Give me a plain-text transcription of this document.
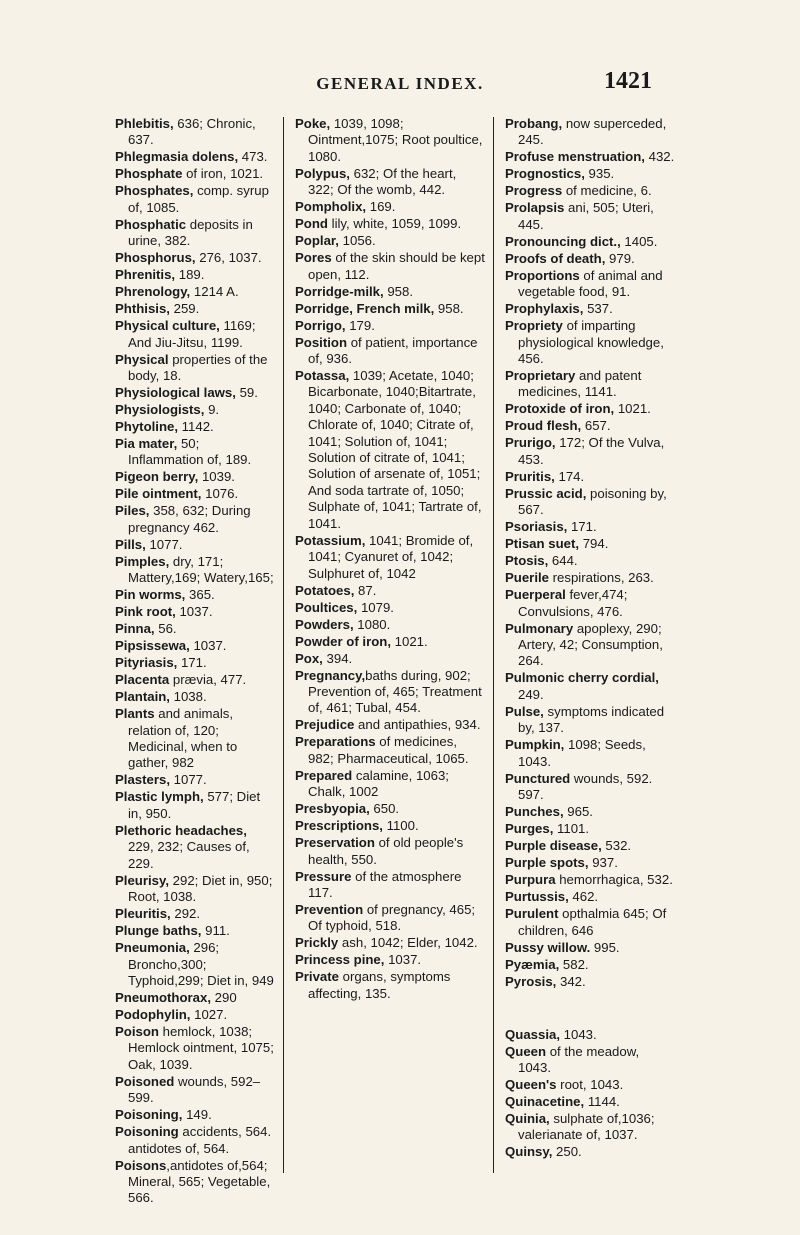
GENERAL INDEX.	1421
Phlebitis, 636; Chronic, 637.
Phlegmasia dolens, 473.
Phosphate of iron, 1021.
Phosphates, comp. syrup of, 1085.
Phosphatic deposits in urine, 382.
Phosphorus, 276, 1037.
Phrenitis, 189.
Phrenology, 1214 A.
Phthisis, 259.
Physical culture, 1169; And Jiu-Jitsu, 1199.
Physical properties of the body, 18.
Physiological laws, 59.
Physiologists, 9.
Phytoline, 1142.
Pia mater, 50; Inflammation of, 189.
Pigeon berry, 1039.
Pile ointment, 1076.
Piles, 358, 632; During pregnancy 462.
Pills, 1077.
Pimples, dry, 171; Mattery,169; Watery,165;
Pin worms, 365.
Pink root, 1037.
Pinna, 56.
Pipsissewa, 1037.
Pityriasis, 171.
Placenta prævia, 477.
Plantain, 1038.
Plants and animals, relation of, 120; Medicinal, when to gather, 982
Plasters, 1077.
Plastic lymph, 577; Diet in, 950.
Plethoric headaches, 229, 232; Causes of, 229.
Pleurisy, 292; Diet in, 950; Root, 1038.
Pleuritis, 292.
Plunge baths, 911.
Pneumonia, 296; Broncho,300; Typhoid,299; Diet in, 949
Pneumothorax, 290
Podophylin, 1027.
Poison hemlock, 1038; Hemlock ointment, 1075; Oak, 1039.
Poisoned wounds, 592–599.
Poisoning, 149.
Poisoning accidents, 564. antidotes of, 564.
Poisons,antidotes of,564; Mineral, 565; Vegetable, 566.
Poke, 1039, 1098; Ointment,1075; Root poultice, 1080.
Polypus, 632; Of the heart, 322; Of the womb, 442.
Pompholix, 169.
Pond lily, white, 1059, 1099.
Poplar, 1056.
Pores of the skin should be kept open, 112.
Porridge-milk, 958.
Porridge, French milk, 958.
Porrigo, 179.
Position of patient, importance of, 936.
Potassa, 1039; Acetate, 1040; Bicarbonate, 1040;Bitartrate, 1040; Carbonate of, 1040; Chlorate of, 1040; Citrate of, 1041; Solution of, 1041; Solution of citrate of, 1041; Solution of arsenate of, 1051; And soda tartrate of, 1050; Sulphate of, 1041; Tartrate of, 1041.
Potassium, 1041; Bromide of, 1041; Cyanuret of, 1042; Sulphuret of, 1042
Potatoes, 87.
Poultices, 1079.
Powders, 1080.
Powder of iron, 1021.
Pox, 394.
Pregnancy,baths during, 902; Prevention of, 465; Treatment of, 461; Tubal, 454.
Prejudice and antipathies, 934.
Preparations of medicines, 982; Pharmaceutical, 1065.
Prepared calamine, 1063; Chalk, 1002
Presbyopia, 650.
Prescriptions, 1100.
Preservation of old people's health, 550.
Pressure of the atmosphere 117.
Prevention of pregnancy, 465; Of typhoid, 518.
Prickly ash, 1042; Elder, 1042.
Princess pine, 1037.
Private organs, symptoms affecting, 135.
Probang, now superceded, 245.
Profuse menstruation, 432.
Prognostics, 935.
Progress of medicine, 6.
Prolapsis ani, 505; Uteri, 445.
Pronouncing dict., 1405.
Proofs of death, 979.
Proportions of animal and vegetable food, 91.
Prophylaxis, 537.
Propriety of imparting physiological knowledge, 456.
Proprietary and patent medicines, 1141.
Protoxide of iron, 1021.
Proud flesh, 657.
Prurigo, 172; Of the Vulva, 453.
Pruritis, 174.
Prussic acid, poisoning by, 567.
Psoriasis, 171.
Ptisan suet, 794.
Ptosis, 644.
Puerile respirations, 263.
Puerperal fever,474; Convulsions, 476.
Pulmonary apoplexy, 290; Artery, 42; Consumption, 264.
Pulmonic cherry cordial, 249.
Pulse, symptoms indicated by, 137.
Pumpkin, 1098; Seeds, 1043.
Punctured wounds, 592. 597.
Punches, 965.
Purges, 1101.
Purple disease, 532.
Purple spots, 937.
Purpura hemorrhagica, 532.
Purtussis, 462.
Purulent opthalmia 645; Of children, 646
Pussy willow. 995.
Pyæmia, 582.
Pyrosis, 342.
Quassia, 1043.
Queen of the meadow, 1043.
Queen's root, 1043.
Quinacetine, 1144.
Quinia, sulphate of,1036; valerianate of, 1037.
Quinsy, 250.
